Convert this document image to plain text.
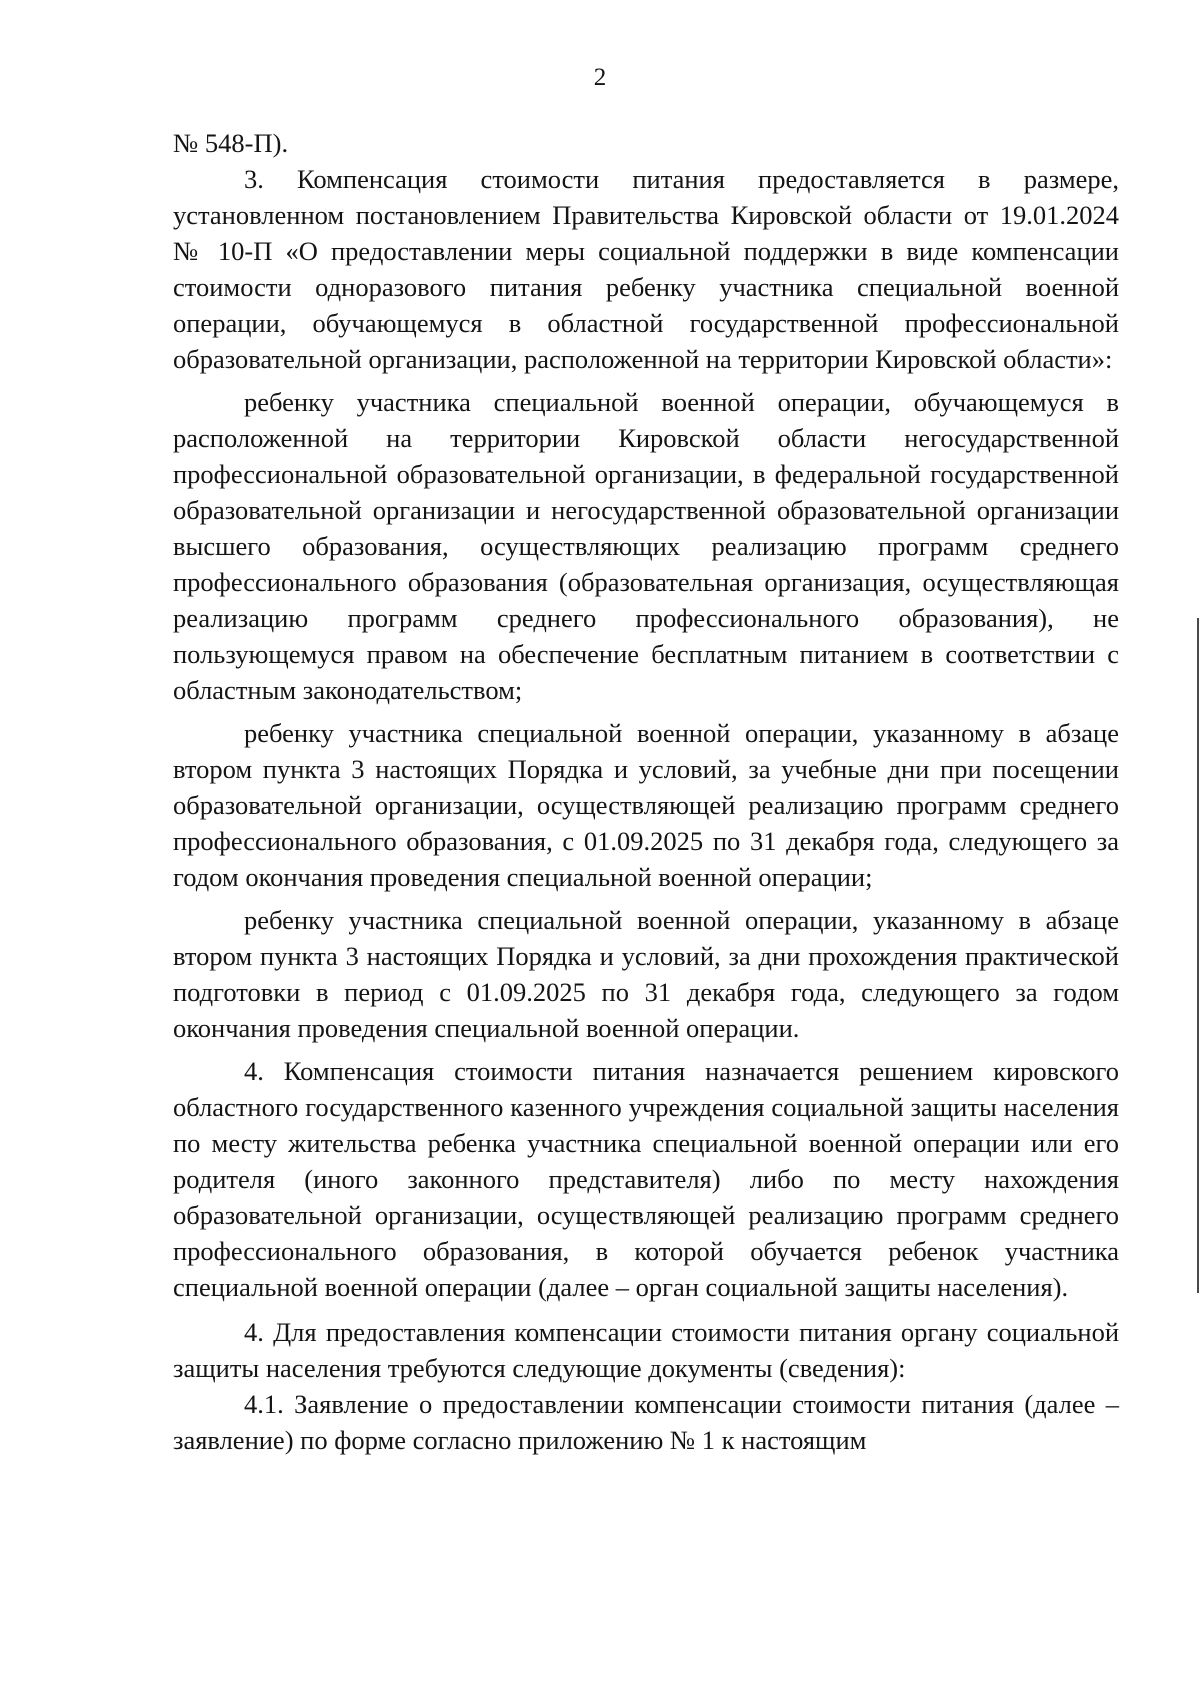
2

№ 548-П).

3. Компенсация стоимости питания предоставляется в размере, установленном постановлением Правительства Кировской области от 19.01.2024 № 10-П «О предоставлении меры социальной поддержки в виде компенсации стоимости одноразового питания ребенку участника специальной военной операции, обучающемуся в областной государственной профессиональной образовательной организации, расположенной на территории Кировской области»:

ребенку участника специальной военной операции, обучающемуся в расположенной на территории Кировской области негосударственной профессиональной образовательной организации, в федеральной государственной образовательной организации и негосударственной образовательной организации высшего образования, осуществляющих реализацию программ среднего профессионального образования (образовательная организация, осуществляющая реализацию программ среднего профессионального образования), не пользующемуся правом на обеспечение бесплатным питанием в соответствии с областным законодательством;

ребенку участника специальной военной операции, указанному в абзаце втором пункта 3 настоящих Порядка и условий, за учебные дни при посещении образовательной организации, осуществляющей реализацию программ среднего профессионального образования, с 01.09.2025 по 31 декабря года, следующего за годом окончания проведения специальной военной операции;

ребенку участника специальной военной операции, указанному в абзаце втором пункта 3 настоящих Порядка и условий, за дни прохождения практической подготовки в период с 01.09.2025 по 31 декабря года, следующего за годом окончания проведения специальной военной операции.

4. Компенсация стоимости питания назначается решением кировского областного государственного казенного учреждения социальной защиты населения по месту жительства ребенка участника специальной военной операции или его родителя (иного законного представителя) либо по месту нахождения образовательной организации, осуществляющей реализацию программ среднего профессионального образования, в которой обучается ребенок участника специальной военной операции (далее – орган социальной защиты населения).

4. Для предоставления компенсации стоимости питания органу социальной защиты населения требуются следующие документы (сведения):

4.1. Заявление о предоставлении компенсации стоимости питания (далее – заявление) по форме согласно приложению № 1 к настоящим
